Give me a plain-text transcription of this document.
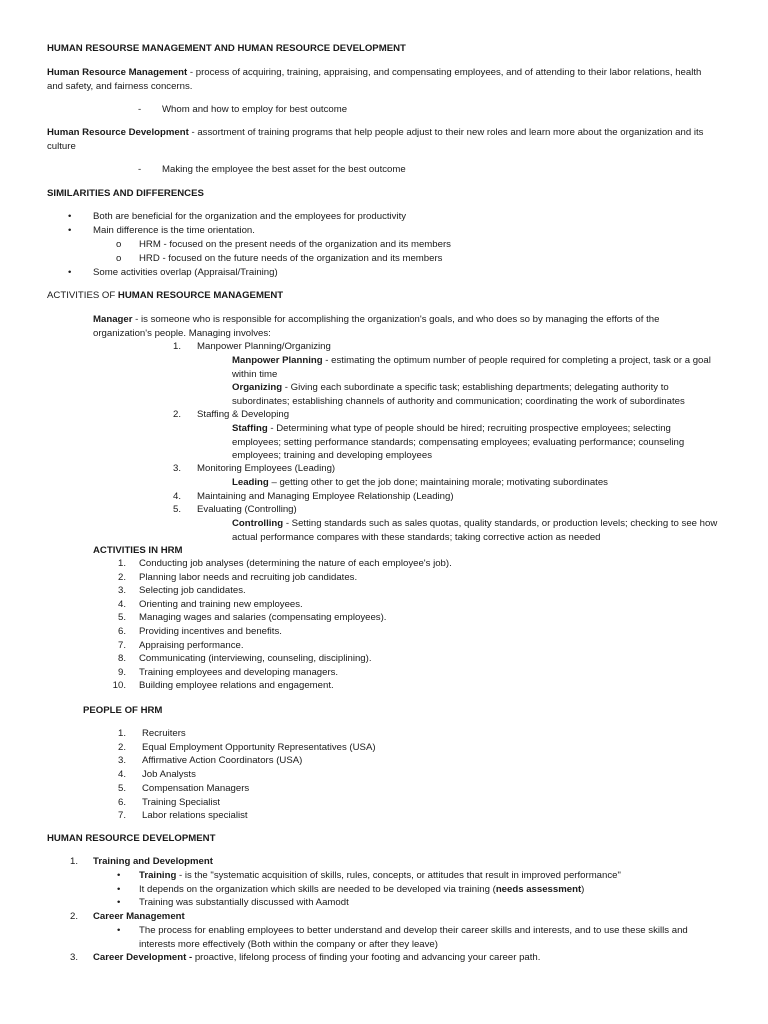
HUMAN RESOURSE MANAGEMENT AND HUMAN RESOURCE DEVELOPMENT
Human Resource Management - process of acquiring, training, appraising, and compensating employees, and of attending to their labor relations, health and safety, and fairness concerns.
- Whom and how to employ for best outcome
Human Resource Development - assortment of training programs that help people adjust to their new roles and learn more about the organization and its culture
- Making the employee the best asset for the best outcome
SIMILARITIES AND DIFFERENCES
• Both are beneficial for the organization and the employees for productivity
• Main difference is the time orientation.
o HRM - focused on the present needs of the organization and its members
o HRD - focused on the future needs of the organization and its members
• Some activities overlap (Appraisal/Training)
ACTIVITIES OF HUMAN RESOURCE MANAGEMENT
Manager - is someone who is responsible for accomplishing the organization's goals, and who does so by managing the efforts of the organization's people. Managing involves:
1. Manpower Planning/Organizing
Manpower Planning - estimating the optimum number of people required for completing a project, task or a goal within time
Organizing - Giving each subordinate a specific task; establishing departments; delegating authority to subordinates; establishing channels of authority and communication; coordinating the work of subordinates
2. Staffing & Developing
Staffing - Determining what type of people should be hired; recruiting prospective employees; selecting employees; setting performance standards; compensating employees; evaluating performance; counseling employees; training and developing employees
3. Monitoring Employees (Leading)
Leading – getting other to get the job done; maintaining morale; motivating subordinates
4. Maintaining and Managing Employee Relationship (Leading)
5. Evaluating (Controlling)
Controlling - Setting standards such as sales quotas, quality standards, or production levels; checking to see how actual performance compares with these standards; taking corrective action as needed
ACTIVITIES IN HRM
1. Conducting job analyses (determining the nature of each employee's job).
2. Planning labor needs and recruiting job candidates.
3. Selecting job candidates.
4. Orienting and training new employees.
5. Managing wages and salaries (compensating employees).
6. Providing incentives and benefits.
7. Appraising performance.
8. Communicating (interviewing, counseling, disciplining).
9. Training employees and developing managers.
10. Building employee relations and engagement.
PEOPLE OF HRM
1. Recruiters
2. Equal Employment Opportunity Representatives (USA)
3. Affirmative Action Coordinators (USA)
4. Job Analysts
5. Compensation Managers
6. Training Specialist
7. Labor relations specialist
HUMAN RESOURCE DEVELOPMENT
1. Training and Development
• Training - is the "systematic acquisition of skills, rules, concepts, or attitudes that result in improved performance"
• It depends on the organization which skills are needed to be developed via training (needs assessment)
• Training was substantially discussed with Aamodt
2. Career Management
• The process for enabling employees to better understand and develop their career skills and interests, and to use these skills and interests more effectively (Both within the company or after they leave)
3. Career Development - proactive, lifelong process of finding your footing and advancing your career path.
